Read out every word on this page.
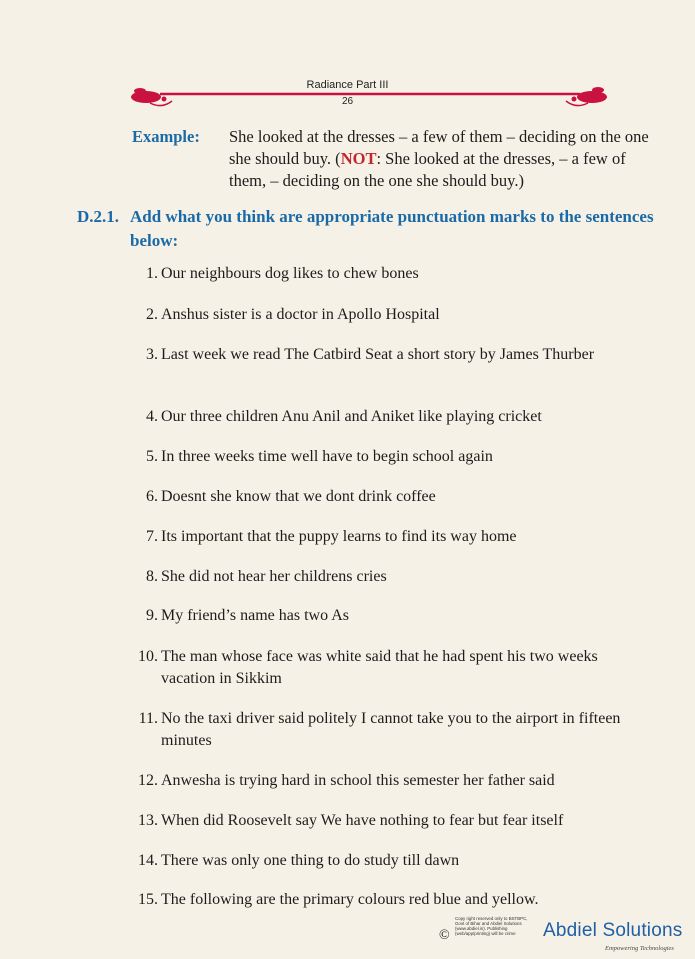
Radiance Part III
26
Example: She looked at the dresses – a few of them – deciding on the one she should buy. (NOT: She looked at the dresses, – a few of them, – deciding on the one she should buy.)
D.2.1. Add what you think are appropriate punctuation marks to the sentences below:
1. Our neighbours dog likes to chew bones
2. Anshus sister is a doctor in Apollo Hospital
3. Last week we read The Catbird Seat a short story by James Thurber
4. Our three children Anu Anil and Aniket like playing cricket
5. In three weeks time well have to begin school again
6. Doesnt she know that we dont drink coffee
7. Its important that the puppy learns to find its way home
8. She did not hear her childrens cries
9. My friend’s name has two As
10. The man whose face was white said that he had spent his two weeks vacation in Sikkim
11. No the taxi driver said politely I cannot take you to the airport in fifteen minutes
12. Anwesha is trying hard in school this semester her father said
13. When did Roosevelt say We have nothing to fear but fear itself
14. There was only one thing to do study till dawn
15. The following are the primary colours red blue and yellow.
©
Copy right reserved only to BSTBPC, Govt of Bihar and Abdiel Solutions (www.abdiel.in). Publishing (web/app/printing) will be crime	Abdiel Solutions
Empowering Technologies
